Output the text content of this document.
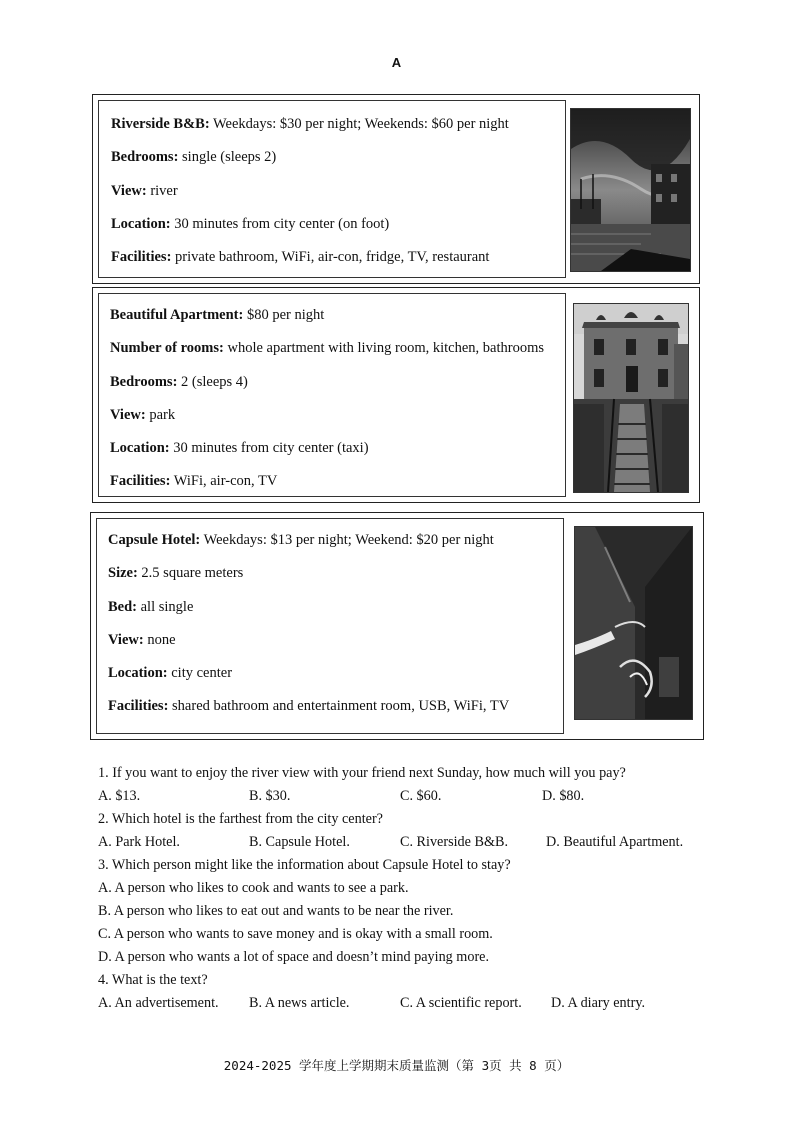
A
Riverside B&B: Weekdays: $30 per night; Weekends: $60 per night
Bedrooms: single (sleeps 2)
View: river
Location: 30 minutes from city center (on foot)
Facilities: private bathroom, WiFi, air-con, fridge, TV, restaurant
Beautiful Apartment: $80 per night
Number of rooms: whole apartment with living room, kitchen, bathrooms
Bedrooms: 2 (sleeps 4)
View: park
Location: 30 minutes from city center (taxi)
Facilities: WiFi, air-con, TV
Capsule Hotel: Weekdays: $13 per night; Weekend: $20 per night
Size: 2.5 square meters
Bed: all single
View: none
Location: city center
Facilities: shared bathroom and entertainment room, USB, WiFi, TV
1. If you want to enjoy the river view with your friend next Sunday, how much will you pay?
A. $13.	B. $30.	C. $60.	D. $80.
2. Which hotel is the farthest from the city center?
A. Park Hotel.	B. Capsule Hotel.	C. Riverside B&B.	D. Beautiful Apartment.
3. Which person might like the information about Capsule Hotel to stay?
A. A person who likes to cook and wants to see a park.
B. A person who likes to eat out and wants to be near the river.
C. A person who wants to save money and is okay with a small room.
D. A person who wants a lot of space and doesn’t mind paying more.
4. What is the text?
A. An advertisement.	B. A news article.	C. A scientific report.	D. A diary entry.
2024-2025 学年度上学期期末质量监测（第 3页 共 8 页）
